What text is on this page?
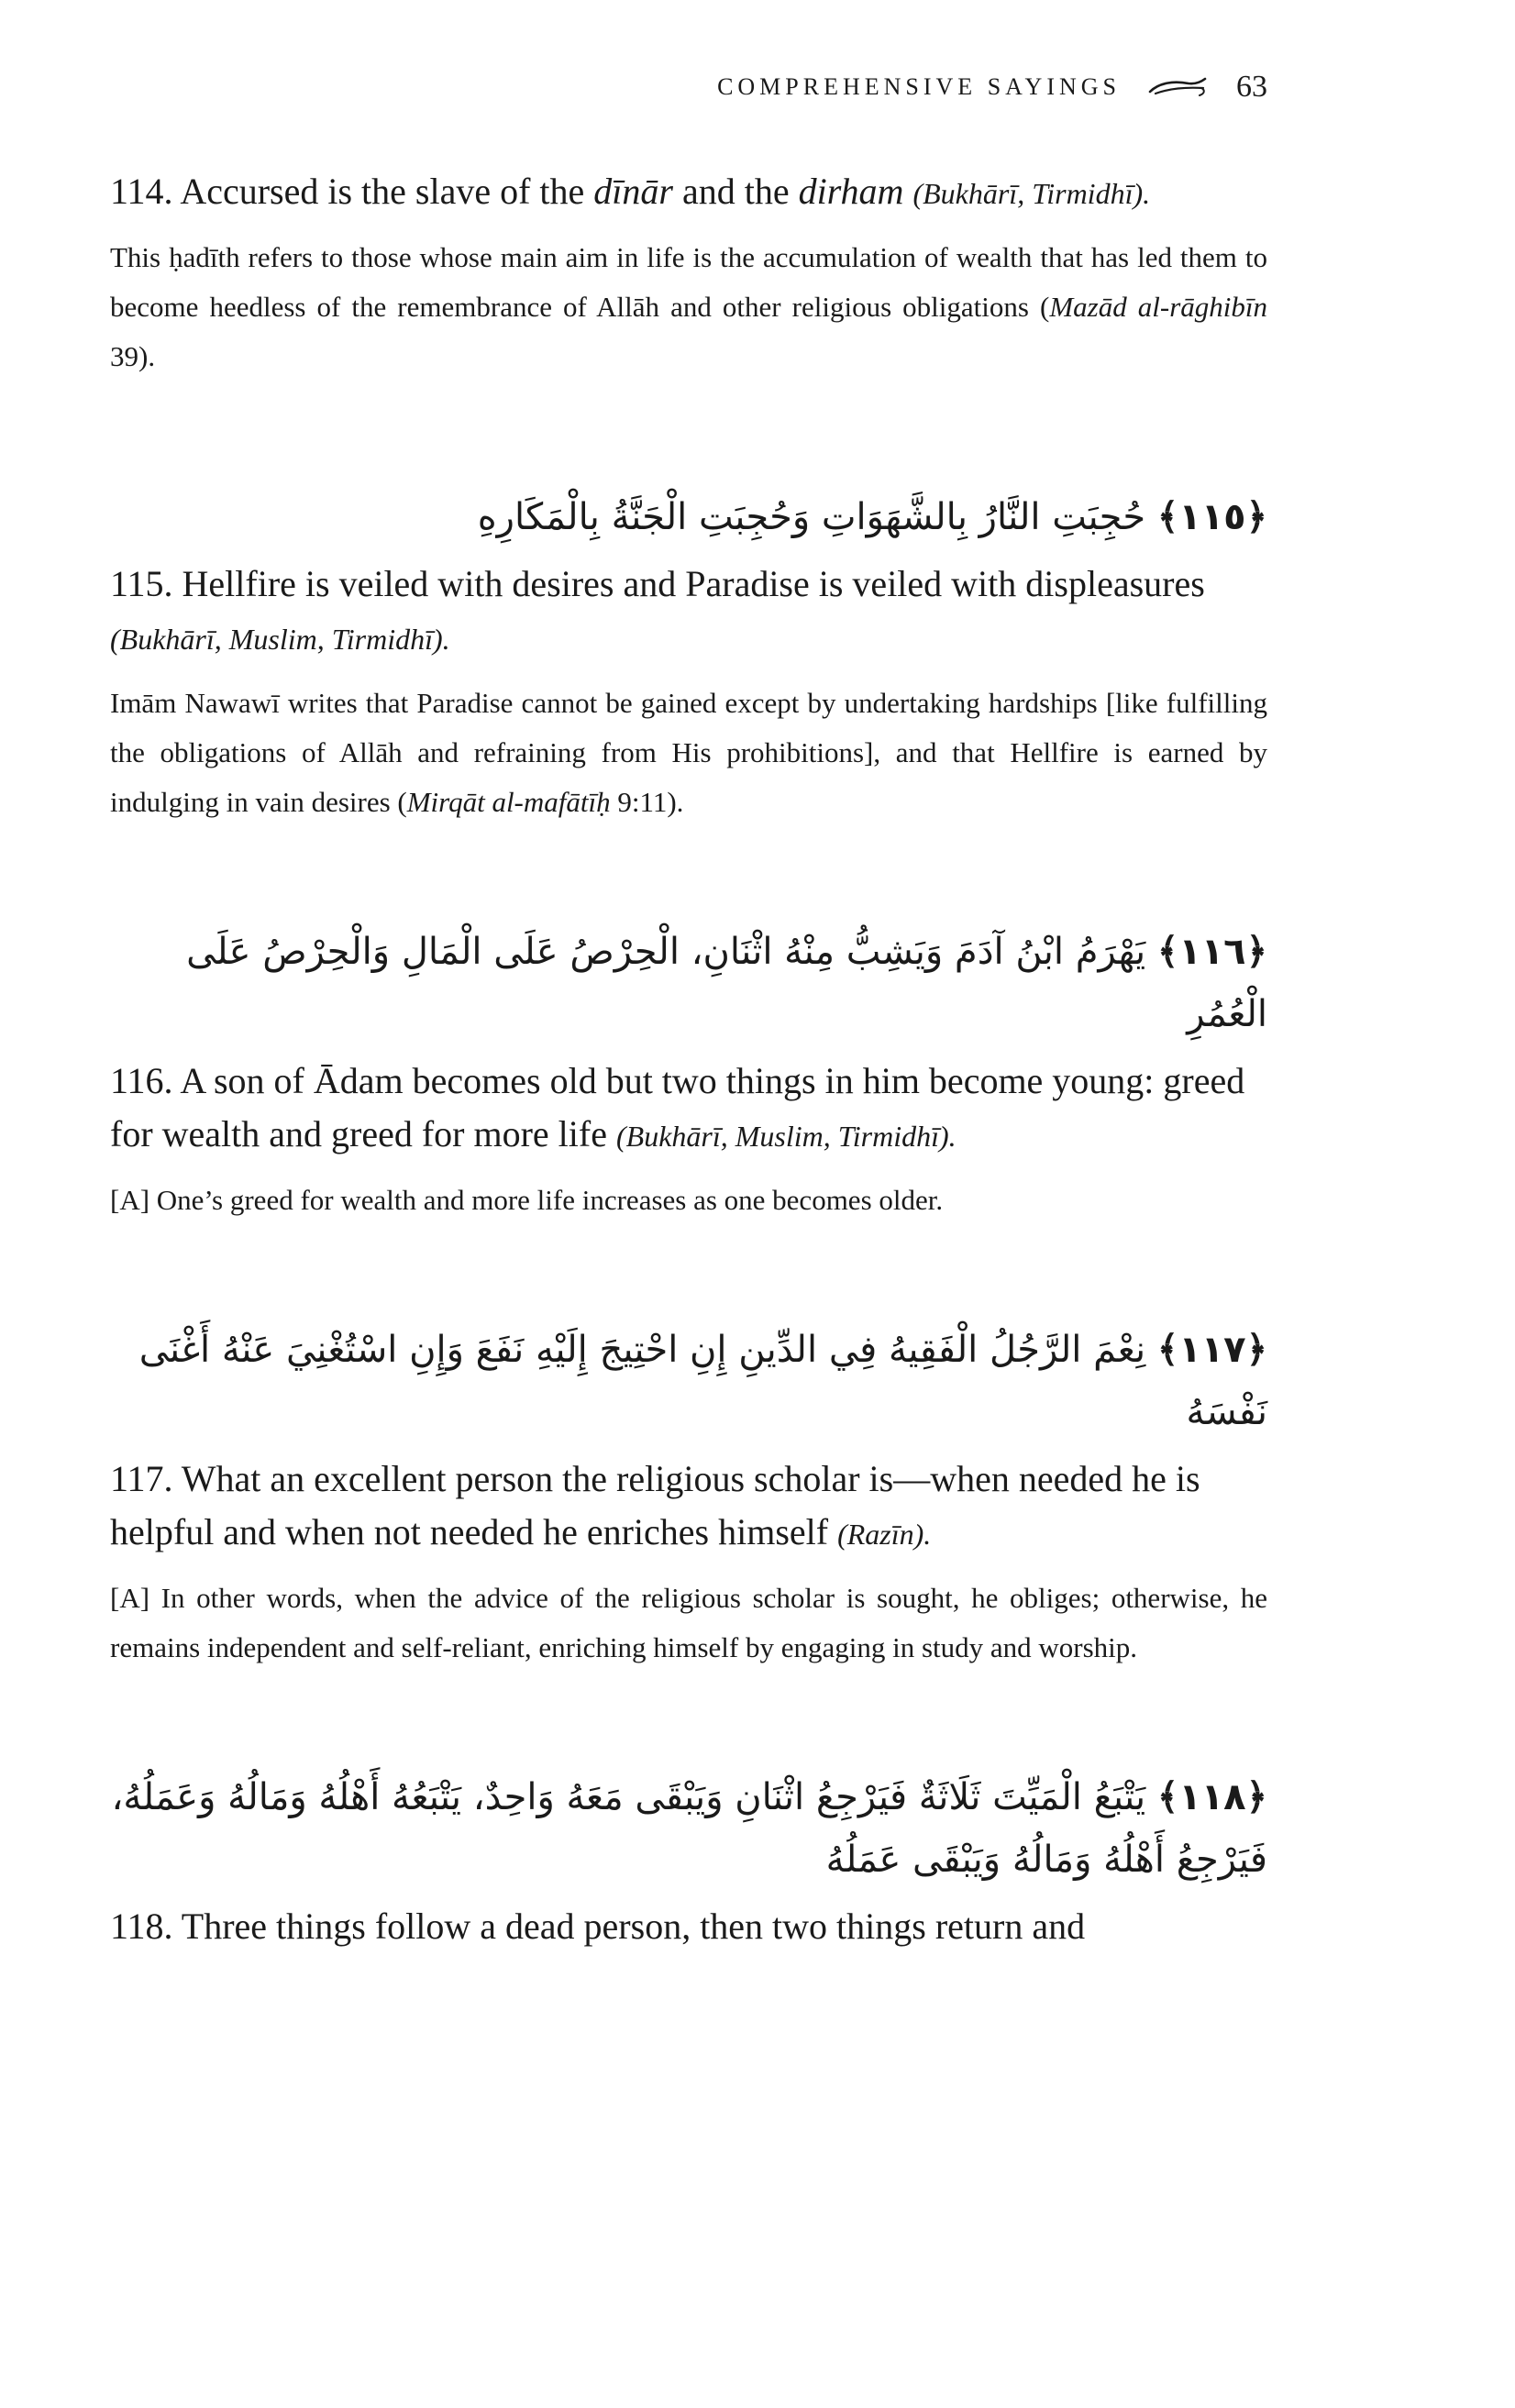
COMPREHENSIVE SAYINGS	63

114. Accursed is the slave of the dīnār and the dirham (Bukhārī, Tirmidhī).

This ḥadīth refers to those whose main aim in life is the accumulation of wealth that has led them to become heedless of the remembrance of Allāh and other religious obligations (Mazād al-rāghibīn 39).

﴿١١٥﴾ حُجِبَتِ النَّارُ بِالشَّهَوَاتِ وَحُجِبَتِ الْجَنَّةُ بِالْمَكَارِهِ

115. Hellfire is veiled with desires and Paradise is veiled with displeasures (Bukhārī, Muslim, Tirmidhī).

Imām Nawawī writes that Paradise cannot be gained except by undertaking hardships [like fulfilling the obligations of Allāh and refraining from His prohibitions], and that Hellfire is earned by indulging in vain desires (Mirqāt al-mafātīḥ 9:11).

﴿١١٦﴾ يَهْرَمُ ابْنُ آدَمَ وَيَشِبُّ مِنْهُ اثْنَانِ، الْحِرْصُ عَلَى الْمَالِ وَالْحِرْصُ عَلَى الْعُمُرِ

116. A son of Ādam becomes old but two things in him become young: greed for wealth and greed for more life (Bukhārī, Muslim, Tirmidhī).

[A] One’s greed for wealth and more life increases as one becomes older.

﴿١١٧﴾ نِعْمَ الرَّجُلُ الْفَقِيهُ فِي الدِّينِ إِنِ احْتِيجَ إِلَيْهِ نَفَعَ وَإِنِ اسْتُغْنِيَ عَنْهُ أَغْنَى نَفْسَهُ

117. What an excellent person the religious scholar is—when needed he is helpful and when not needed he enriches himself (Razīn).

[A] In other words, when the advice of the religious scholar is sought, he obliges; otherwise, he remains independent and self-reliant, enriching himself by engaging in study and worship.

﴿١١٨﴾ يَتْبَعُ الْمَيِّتَ ثَلَاثَةٌ فَيَرْجِعُ اثْنَانِ وَيَبْقَى مَعَهُ وَاحِدٌ، يَتْبَعُهُ أَهْلُهُ وَمَالُهُ وَعَمَلُهُ،
فَيَرْجِعُ أَهْلُهُ وَمَالُهُ وَيَبْقَى عَمَلُهُ

118. Three things follow a dead person, then two things return and
